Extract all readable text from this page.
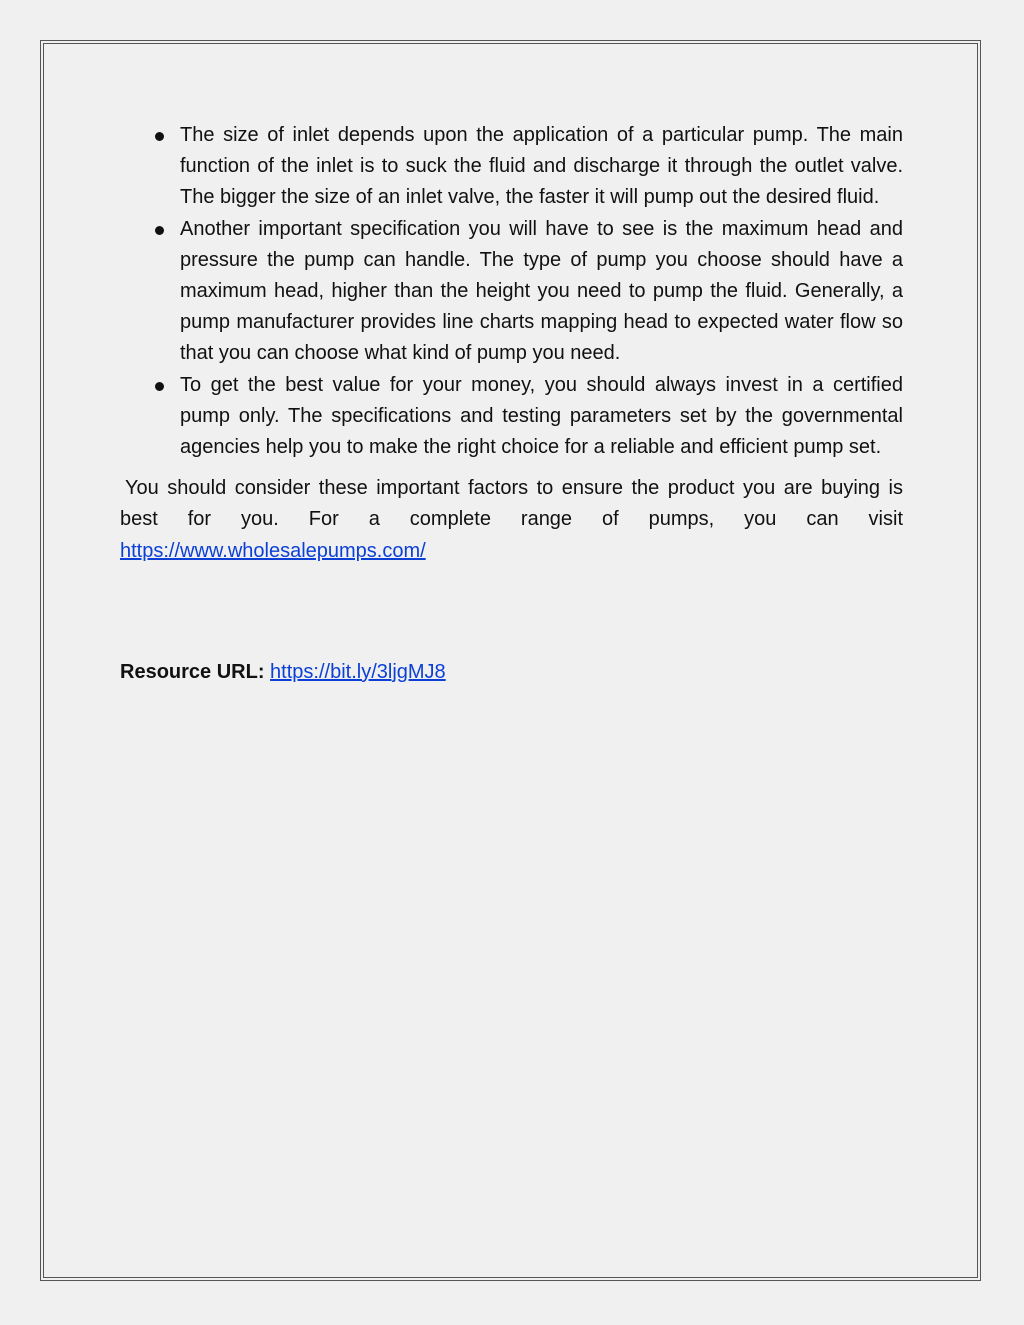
The size of inlet depends upon the application of a particular pump. The main function of the inlet is to suck the fluid and discharge it through the outlet valve. The bigger the size of an inlet valve, the faster it will pump out the desired fluid.
Another important specification you will have to see is the maximum head and pressure the pump can handle. The type of pump you choose should have a maximum head, higher than the height you need to pump the fluid. Generally, a pump manufacturer provides line charts mapping head to expected water flow so that you can choose what kind of pump you need.
To get the best value for your money, you should always invest in a certified pump only. The specifications and testing parameters set by the governmental agencies help you to make the right choice for a reliable and efficient pump set.

You should consider these important factors to ensure the product you are buying is best for you. For a complete range of pumps, you can visit https://www.wholesalepumps.com/

Resource URL: https://bit.ly/3ljgMJ8
